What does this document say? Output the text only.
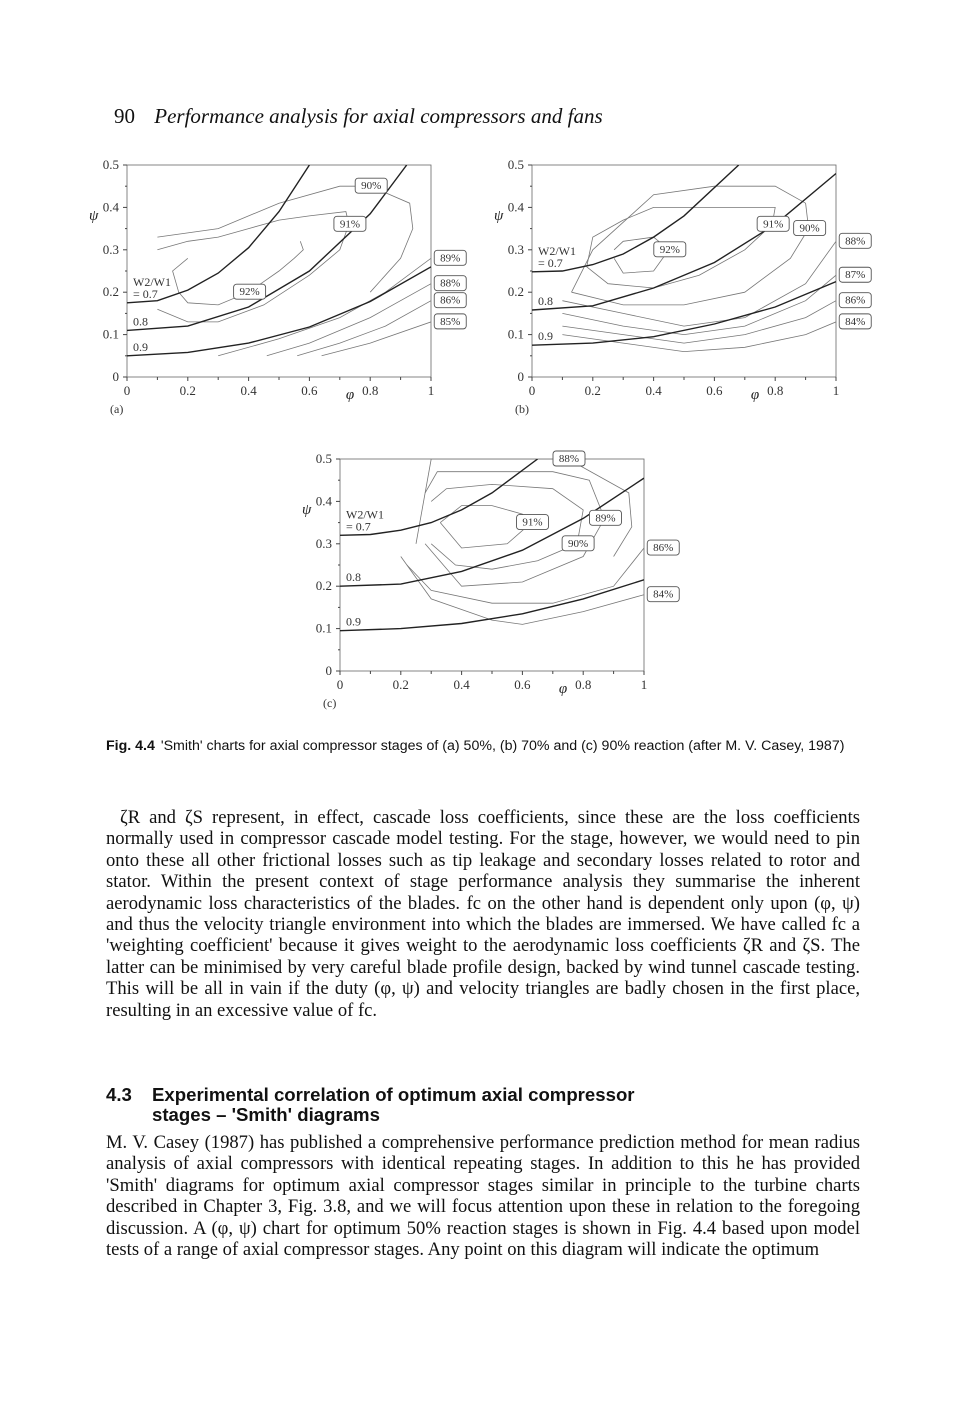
90 Performance analysis for axial compressors and fans
0
0.1
0.2
0.3
0.4
0.5
0	0.2	0.4	0.6	0.8	1
φ
ψ
(a)
W2/W1
= 0.7
0.8
0.9
92%
91%
90%
89%
88%
86%
85%
0
0.1
0.2
0.3
0.4
0.5
0	0.2	0.4	0.6	0.8	1
φ
ψ
(b)
W2/W1
= 0.7
0.8
0.9
92%
91% 90%
88%
87%
86%
84%
0
0.1
0.2
0.3
0.4
0.5
0	0.2	0.4	0.6	0.8	1
φ
ψ
(c)
W2/W1
= 0.7
0.8
0.9
91%
90%
89%
88%
86%
84%
Fig. 4.4 'Smith' charts for axial compressor stages of (a) 50%, (b) 70% and (c) 90% reaction (after M. V. Casey, 1987)

ζR and ζS represent, in effect, cascade loss coefficients, since these are the loss coefficients normally used in compressor cascade model testing. For the stage, however, we would need to pin onto these all other frictional losses such as tip leakage and secondary losses related to rotor and stator. Within the present context of stage performance analysis they summarise the inherent aerodynamic loss characteristics of the blades. fc on the other hand is dependent only upon (φ, ψ) and thus the velocity triangle environment into which the blades are immersed. We have called fc a 'weighting coefficient' because it gives weight to the aerodynamic loss coefficients ζR and ζS. The latter can be minimised by very careful blade profile design, backed by wind tunnel cascade testing. This will be all in vain if the duty (φ, ψ) and velocity triangles are badly chosen in the first place, resulting in an excessive value of fc.

4.3 Experimental correlation of optimum axial compressor
stages – 'Smith' diagrams

M. V. Casey (1987) has published a comprehensive performance prediction method for mean radius analysis of axial compressors with identical repeating stages. In addition to this he has provided 'Smith' diagrams for optimum axial compressor stages similar in principle to the turbine charts described in Chapter 3, Fig. 3.8, and we will focus attention upon these in relation to the foregoing discussion. A (φ, ψ) chart for optimum 50% reaction stages is shown in Fig. 4.4 based upon model tests of a range of axial compressor stages. Any point on this diagram will indicate the optimum
